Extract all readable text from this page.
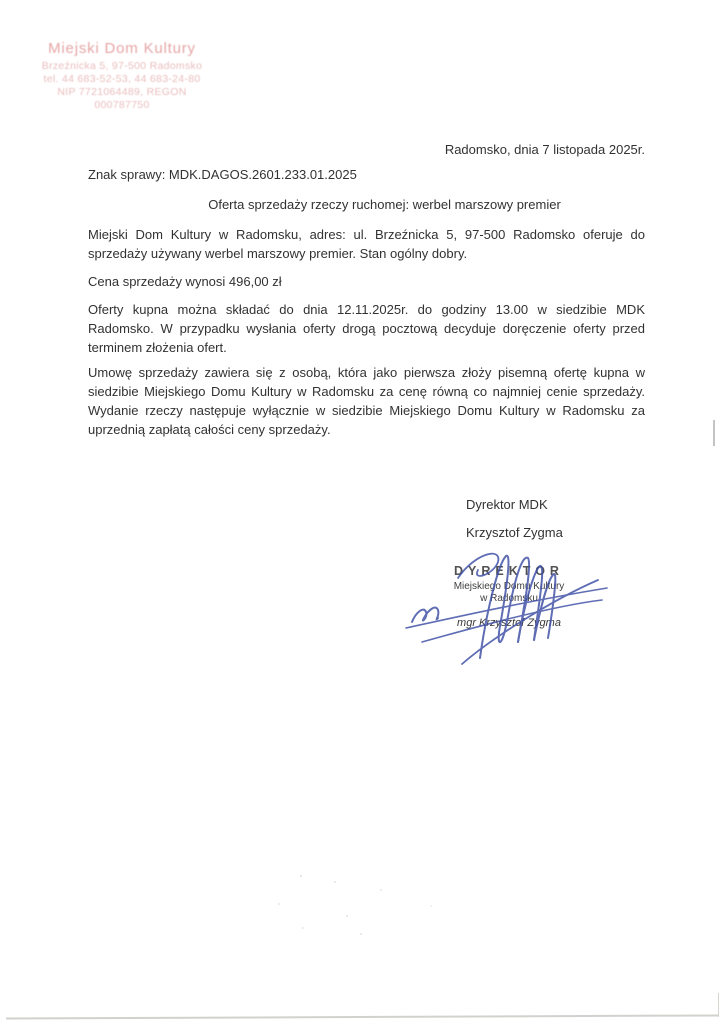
Miejski Dom Kultury
Brzeźnicka 5, 97-500 Radomsko
tel. 44 683-52-53, 44 683-24-80
NIP 7721064489, REGON 000787750
Radomsko, dnia 7 listopada 2025r.
Znak sprawy: MDK.DAGOS.2601.233.01.2025
Oferta sprzedaży rzeczy ruchomej: werbel marszowy premier

Miejski Dom Kultury w Radomsku, adres: ul. Brzeźnicka 5, 97-500 Radomsko oferuje do sprzedaży używany werbel marszowy premier. Stan ogólny dobry.

Cena sprzedaży wynosi 496,00 zł

Oferty kupna można składać do dnia 12.11.2025r. do godziny 13.00 w siedzibie MDK Radomsko. W przypadku wysłania oferty drogą pocztową decyduje doręczenie oferty przed terminem złożenia ofert.

Umowę sprzedaży zawiera się z osobą, która jako pierwsza złoży pisemną ofertę kupna w siedzibie Miejskiego Domu Kultury w Radomsku za cenę równą co najmniej cenie sprzedaży. Wydanie rzeczy następuje wyłącznie w siedzibie Miejskiego Domu Kultury w Radomsku za uprzednią zapłatą całości ceny sprzedaży.

Dyrektor MDK
Krzysztof Zygma
DYREKTOR
Miejskiego Domu Kultury
w Radomsku
mgr Krzysztof Zygma
